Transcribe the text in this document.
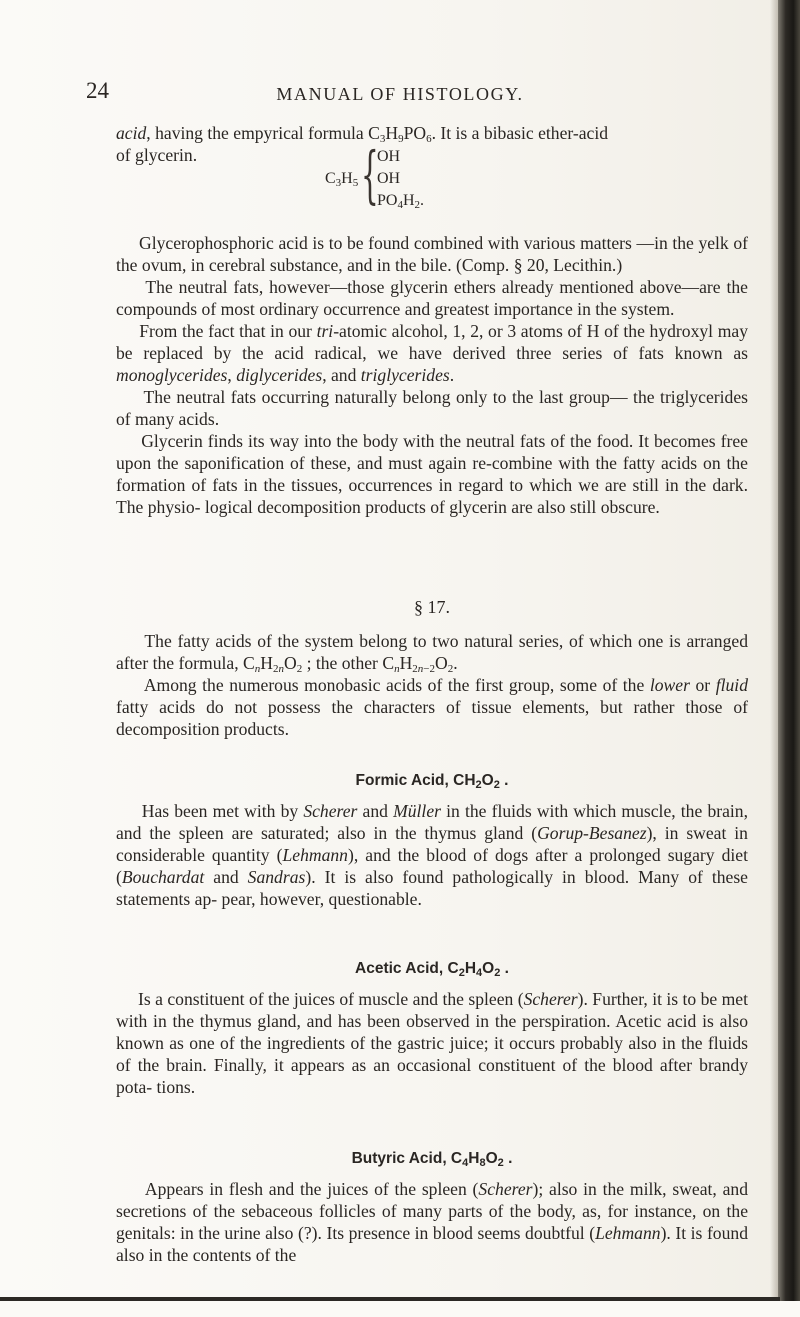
24	MANUAL OF HISTOLOGY.

acid, having the empyrical formula $C_3H_9PO_6$. It is a bibasic ether-acid

of glycerin.

$C_3H_5$ {
OH
OH
$PO_4H_2$.

Glycerophosphoric acid is to be found combined with various matters —in the yelk of the ovum, in cerebral substance, and in the bile. (Comp. § 20, Lecithin.)

The neutral fats, however—those glycerin ethers already mentioned above—are the compounds of most ordinary occurrence and greatest importance in the system.

From the fact that in our tri-atomic alcohol, 1, 2, or 3 atoms of H of the hydroxyl may be replaced by the acid radical, we have derived three series of fats known as monoglycerides, diglycerides, and triglycerides.

The neutral fats occurring naturally belong only to the last group— the triglycerides of many acids.

Glycerin finds its way into the body with the neutral fats of the food. It becomes free upon the saponification of these, and must again re-combine with the fatty acids on the formation of fats in the tissues, occurrences in regard to which we are still in the dark. The physio- logical decomposition products of glycerin are also still obscure.

§ 17.

The fatty acids of the system belong to two natural series, of which one is arranged after the formula, $C_nH_{2n}O_2$ ; the other $C_nH_{2n-2}O_2$.

Among the numerous monobasic acids of the first group, some of the lower or fluid fatty acids do not possess the characters of tissue elements, but rather those of decomposition products.

Formic Acid, $CH_2O_2$ .

Has been met with by Scherer and Müller in the fluids with which muscle, the brain, and the spleen are saturated; also in the thymus gland (Gorup-Besanez), in sweat in considerable quantity (Lehmann), and the blood of dogs after a prolonged sugary diet (Bouchardat and Sandras). It is also found pathologically in blood. Many of these statements ap- pear, however, questionable.

Acetic Acid, $C_2H_4O_2$ .

Is a constituent of the juices of muscle and the spleen (Scherer). Further, it is to be met with in the thymus gland, and has been observed in the perspiration. Acetic acid is also known as one of the ingredients of the gastric juice; it occurs probably also in the fluids of the brain. Finally, it appears as an occasional constituent of the blood after brandy pota- tions.

Butyric Acid, $C_4H_8O_2$ .

Appears in flesh and the juices of the spleen (Scherer); also in the milk, sweat, and secretions of the sebaceous follicles of many parts of the body, as, for instance, on the genitals: in the urine also (?). Its presence in blood seems doubtful (Lehmann). It is found also in the contents of the
